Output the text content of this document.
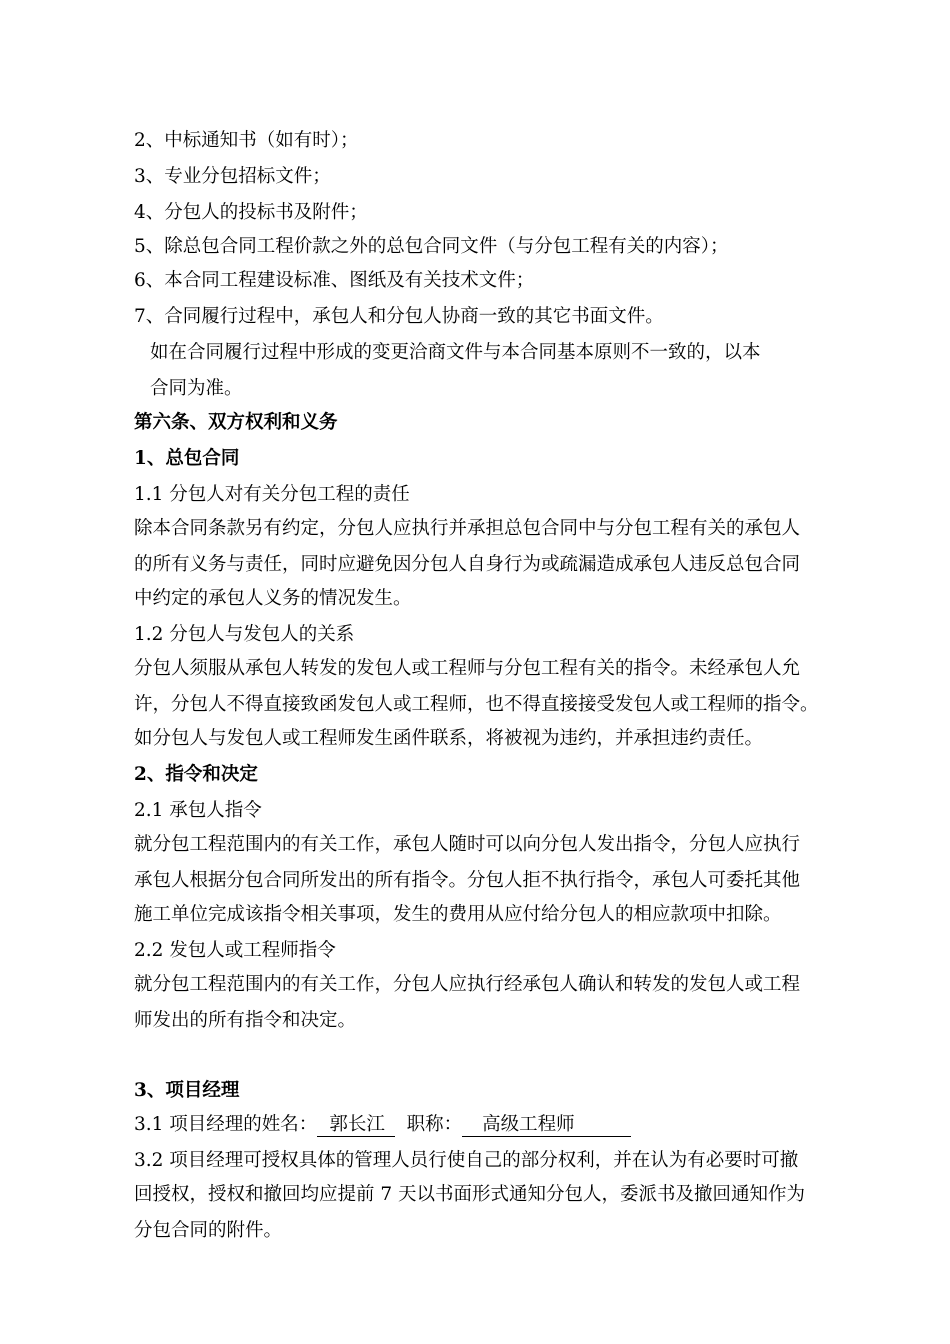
2、中标通知书（如有时）；
3、专业分包招标文件；
4、分包人的投标书及附件；
5、除总包合同工程价款之外的总包合同文件（与分包工程有关的内容）；
6、本合同工程建设标准、图纸及有关技术文件；
7、合同履行过程中，承包人和分包人协商一致的其它书面文件。
如在合同履行过程中形成的变更洽商文件与本合同基本原则不一致的，以本
合同为准。
第六条、双方权利和义务
1、总包合同
1.1 分包人对有关分包工程的责任
除本合同条款另有约定，分包人应执行并承担总包合同中与分包工程有关的承包人
的所有义务与责任，同时应避免因分包人自身行为或疏漏造成承包人违反总包合同
中约定的承包人义务的情况发生。
1.2 分包人与发包人的关系
分包人须服从承包人转发的发包人或工程师与分包工程有关的指令。未经承包人允
许，分包人不得直接致函发包人或工程师，也不得直接接受发包人或工程师的指令。
如分包人与发包人或工程师发生函件联系，将被视为违约，并承担违约责任。
2、指令和决定
2.1 承包人指令
就分包工程范围内的有关工作，承包人随时可以向分包人发出指令，分包人应执行
承包人根据分包合同所发出的所有指令。分包人拒不执行指令，承包人可委托其他
施工单位完成该指令相关事项，发生的费用从应付给分包人的相应款项中扣除。
2.2 发包人或工程师指令
就分包工程范围内的有关工作，分包人应执行经承包人确认和转发的发包人或工程
师发出的所有指令和决定。
3、项目经理
3.1 项目经理的姓名： 郭长江 职称： 高级工程师
3.2 项目经理可授权具体的管理人员行使自己的部分权利，并在认为有必要时可撤
回授权，授权和撤回均应提前 7 天以书面形式通知分包人，委派书及撤回通知作为
分包合同的附件。
